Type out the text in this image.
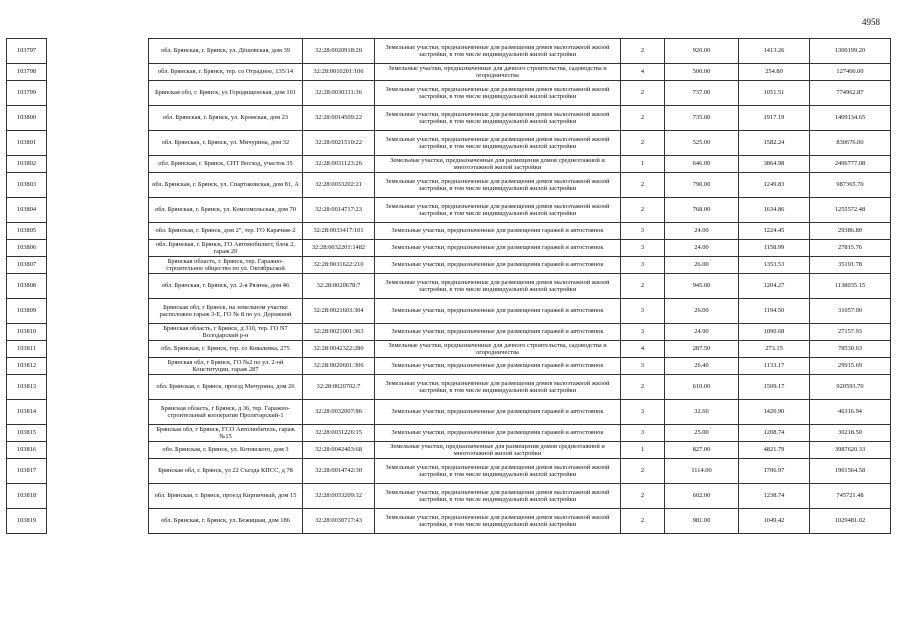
4958
103797		обл. Брянская, г. Брянск, ул. Дёшовская, дом 39	32:28:0020918:20	Земельные участки, предназначенные для размещения домов малоэтажной жилой застройки, в том числе индивидуальной жилой застройки	2	920.00	1413.26	1300199.20
103798		обл. Брянская, г. Брянск, тер. со Отрадное, 135/14	32:28:0010201:106	Земельные участки, предназначенные для дачного строительства, садоводства и огородничества	4	500.00	254.80	127400.00
103799		Брянская обл, г. Брянск, ул Городищенская, дом 101	32:28:0030311:36	Земельные участки, предназначенные для размещения домов малоэтажной жилой застройки, в том числе индивидуальной жилой застройки	2	737.00	1051.51	774962.87
103800		обл. Брянская, г. Брянск, ул. Кромская, дом 23	32:28:0014509:22	Земельные участки, предназначенные для размещения домов малоэтажной жилой застройки, в том числе индивидуальной жилой застройки	2	735.00	1917.19	1409134.65
103801		обл. Брянская, г. Брянск, ул. Мичурина, дом 32	32:28:0021510:22	Земельные участки, предназначенные для размещения домов малоэтажной жилой застройки, в том числе индивидуальной жилой застройки	2	525.00	1582.24	830676.00
103802		обл. Брянская, г. Брянск, СНТ Восход, участок 35	32:28:0031123:26	Земельные участки, предназначенные для размещения домов среднеэтажной и многоэтажной жилой застройки	1	646.00	3864.98	2496777.08
103803		обл. Брянская, г. Брянск, ул. Спартаковская, дом 81, А	32:28:0033202:21	Земельные участки, предназначенные для размещения домов малоэтажной жилой застройки, в том числе индивидуальной жилой застройки	2	790.00	1249.83	987365.70
103804		обл. Брянская, г. Брянск, ул. Комсомольская, дом 70	32:28:0014717:23	Земельные участки, предназначенные для размещения домов малоэтажной жилой застройки, в том числе индивидуальной жилой застройки	2	768.00	1634.86	1255572.48
103805		обл. Брянская, г. Брянск, дом 2", тер. ГО Карачиж-2	32:28:0033417:101	Земельные участки, предназначенные для размещения гаражей и автостоянок	3	24.00	1224.45	29386.80
103806		обл. Брянская, г. Брянск, ГО Автомобилист, блок 2, гараж 20	32:28:0032201:1482	Земельные участки, предназначенные для размещения гаражей и автостоянок	3	24.00	1158.99	27815.76
103807		Брянская область, г. Брянск, тер. Гаражно-строительное общество по ул. Октябрьской	32:28:0031622:210	Земельные участки, предназначенные для размещения гаражей и автостоянок	3	26.00	1353.53	35191.78
103808		обл. Брянская, г. Брянск, ул. 2-я Рязина, дом 46	32:28:0020678:7	Земельные участки, предназначенные для размещения домов малоэтажной жилой застройки, в том числе индивидуальной жилой застройки	2	945.00	1204.27	1138035.15
103809		Брянская обл, г Брянск, на земельном участке расположен гараж 3-Е, ГО № 8 по ул. Дорожной	32:28:0021603:304	Земельные участки, предназначенные для размещения гаражей и автостоянок	3	26.00	1194.50	31057.00
103810		Брянская область, г Брянск, д 310, тер. ГО N7 Володарский р-н	32:28:0021001:363	Земельные участки, предназначенные для размещения гаражей и автостоянок	3	24.90	1090.68	27157.93
103811		обл. Брянская, г. Брянск, тер. со Ковалевка, 275	32:28:0042322:280	Земельные участки, предназначенные для дачного строительства, садоводства и огородничества	4	287.50	273.15	78530.63
103812		Брянская обл, г Брянск, ГО №2 по ул. 2-ой Конституции, гараж 287	32:28:0020601:306	Земельные участки, предназначенные для размещения гаражей и автостоянок	3	26.40	1133.17	29915.69
103813		обл. Брянская, г. Брянск, проезд Мичурина, дом 26	32:28:0020702:7	Земельные участки, предназначенные для размещения домов малоэтажной жилой застройки, в том числе индивидуальной жилой застройки	2	610.00	1509.17	920593.70
103814		Брянская область, г Брянск, д 36, тер. Гаражно-строительный кооператив Пролетарский-1	32:28:0032007:86	Земельные участки, предназначенные для размещения гаражей и автостоянок	3	32.60	1420.90	46316.94
103815		Брянская обл, г Брянск, ГСО Автолюбитель, гараж №15	32:28:0031226:15	Земельные участки, предназначенные для размещения гаражей и автостоянок	3	25.00	1208.74	30218.50
103816		обл. Брянская, г. Брянск, ул. Котовского, дом 3	32:28:0042403:68	Земельные участки, предназначенные для размещения домов среднеэтажной и многоэтажной жилой застройки	1	827.00	4821.79	3987620.33
103817		Брянская обл, г. Брянск, ул 22 Съезда КПСС, д 78	32:28:0014742:30	Земельные участки, предназначенные для размещения домов малоэтажной жилой застройки, в том числе индивидуальной жилой застройки	2	1114.00	1706.97	1901564.58
103818		обл. Брянская, г. Брянск, проезд Кирпичный, дом 15	32:28:0033209:32	Земельные участки, предназначенные для размещения домов малоэтажной жилой застройки, в том числе индивидуальной жилой застройки	2	602.00	1238.74	745721.48
103819		обл. Брянская, г. Брянск, ул. Бежицкая, дом 186	32:28:0030717:43	Земельные участки, предназначенные для размещения домов малоэтажной жилой застройки, в том числе индивидуальной жилой застройки	2	981.00	1049.42	1029481.02
